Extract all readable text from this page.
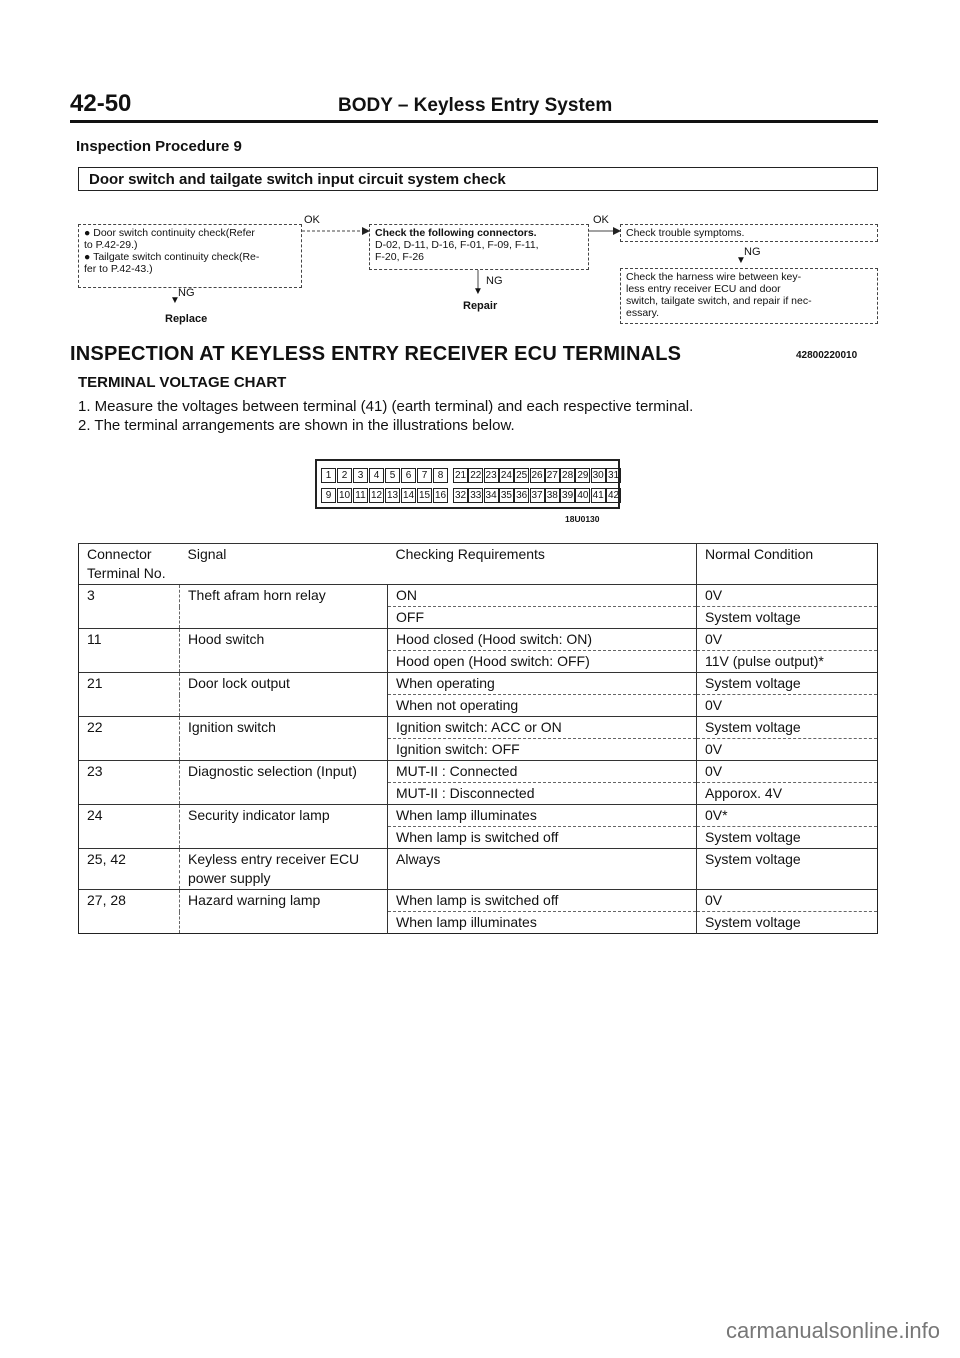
42-50	BODY – Keyless Entry System
Inspection Procedure 9
Door switch and tailgate switch input circuit system check
● Door switch continuity check(Refer
to P.42-29.)
● Tailgate switch continuity check(Re-
fer to P.42-43.)
OK
NG
▼
Replace
Check the following connectors.
D-02, D-11, D-16, F-01, F-09, F-11,
F-20, F-26
OK
NG
▼
Repair
Check trouble symptoms.
NG
▼
Check the harness wire between key-
less entry receiver ECU and door
switch, tailgate switch, and repair if nec-
essary.
INSPECTION AT KEYLESS ENTRY RECEIVER ECU TERMINALS	42800220010
TERMINAL VOLTAGE CHART
1. Measure the voltages between terminal (41) (earth terminal) and each respective terminal.
2. The terminal arrangements are shown in the illustrations below.
1	2	3	4	5	6	7	8	21 22 23 24 25 26 27 28 29 30 31
9 10 11 12 13 14 15 16 32 33 34 35 36 37 38 39 40 41 42
18U0130
Connector
Terminal No.	Signal	Checking Requirements	Normal Condition
3	Theft afram horn relay	ON	0V
		OFF	System voltage
11	Hood switch	Hood closed (Hood switch: ON)	0V
		Hood open (Hood switch: OFF)	11V (pulse output)*
21	Door lock output	When operating	System voltage
		When not operating	0V
22	Ignition switch	Ignition switch: ACC or ON	System voltage
		Ignition switch: OFF	0V
23	Diagnostic selection (Input)	MUT-II : Connected	0V
		MUT-II : Disconnected	Apporox. 4V
24	Security indicator lamp	When lamp illuminates	0V*
		When lamp is switched off	System voltage
25, 42	Keyless entry receiver ECU power supply	Always	System voltage
27, 28	Hazard warning lamp	When lamp is switched off	0V
		When lamp illuminates	System voltage
carmanualsonline.info
